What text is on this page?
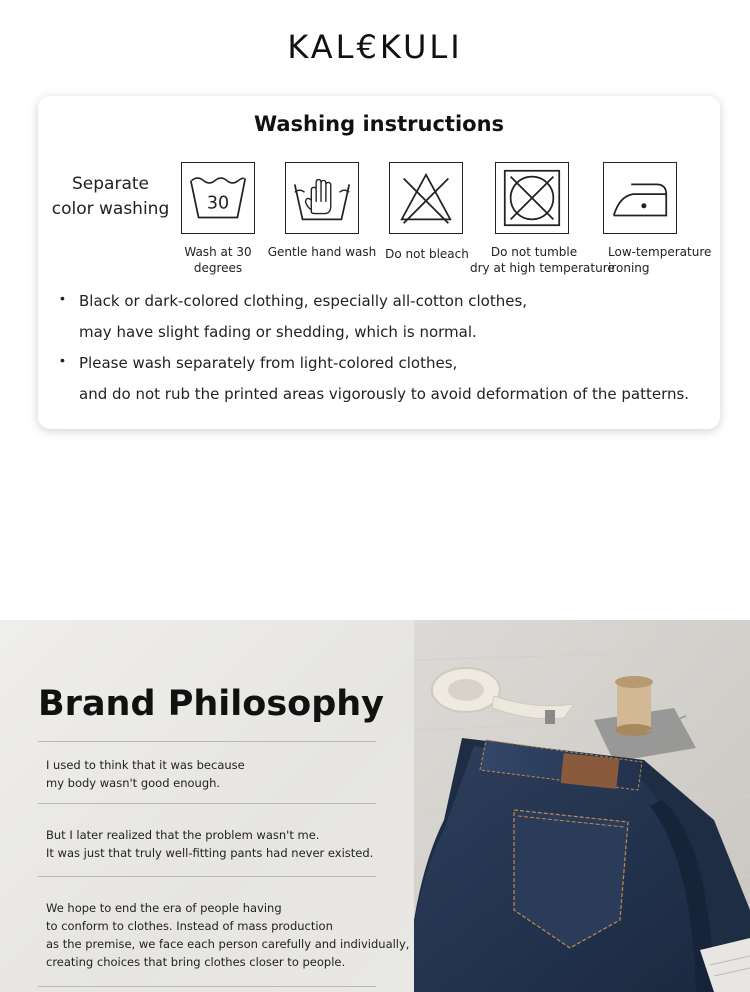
KAL€KULI
Washing instructions
Separate
color washing 30
Wash at 30
degrees
Gentle hand wash Do not bleach	Do not tumble
dry at high temperature
Low-temperature
ironing
• Black or dark-colored clothing, especially all-cotton clothes,
may have slight fading or shedding, which is normal.
• Please wash separately from light-colored clothes,
and do not rub the printed areas vigorously to avoid deformation of the patterns.
Brand Philosophy
I used to think that it was because
my body wasn't good enough.
But I later realized that the problem wasn't me.
It was just that truly well-fitting pants had never existed.
We hope to end the era of people having
to conform to clothes. Instead of mass production
as the premise, we face each person carefully and individually,
creating choices that bring clothes closer to people.
